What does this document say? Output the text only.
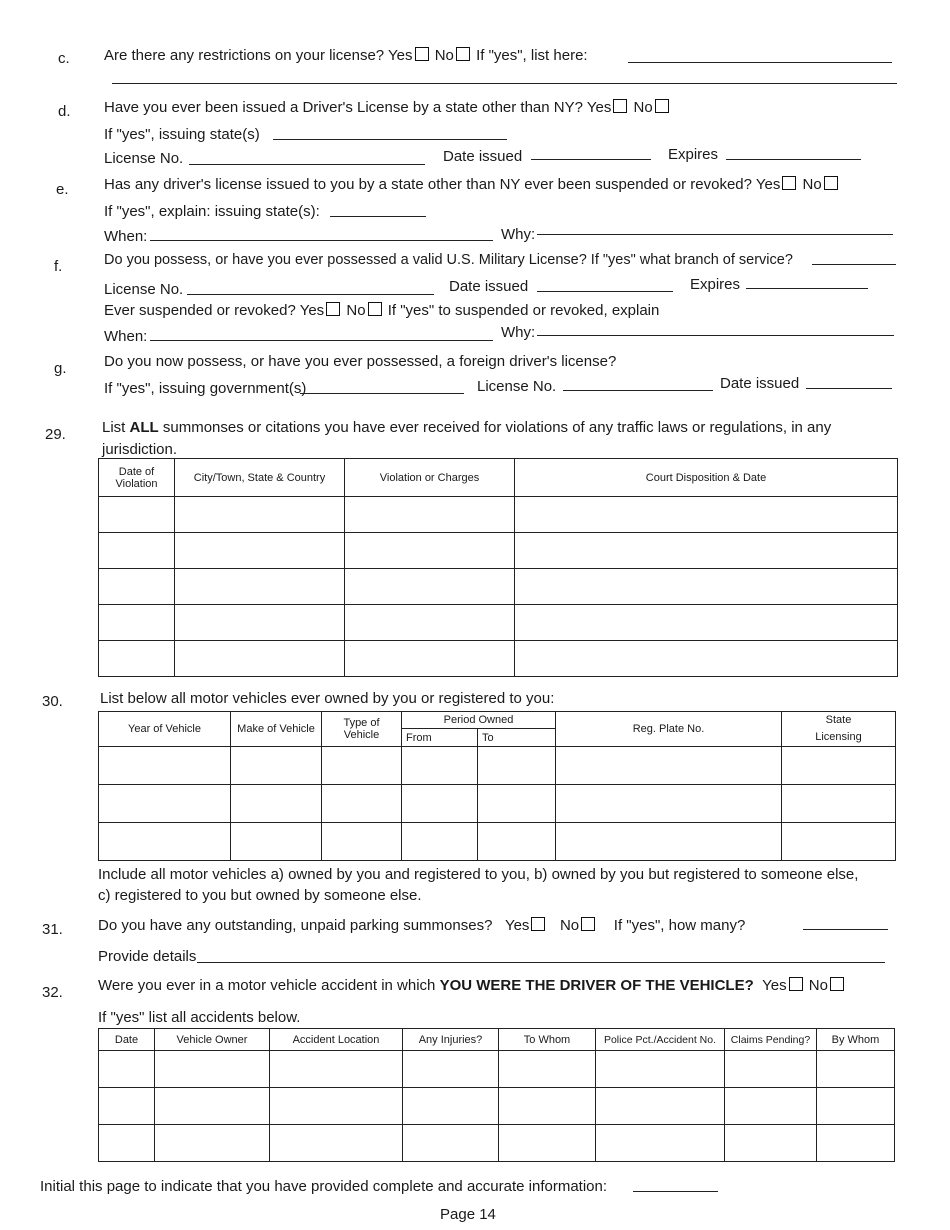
c. Are there any restrictions on your license? Yes No If "yes", list here:
d. Have you ever been issued a Driver's License by a state other than NY? Yes No
If "yes", issuing state(s)
License No.	Date issued	Expires
e. Has any driver's license issued to you by a state other than NY ever been suspended or revoked? Yes No
If "yes", explain: issuing state(s):
When:	Why:
f.	Do you possess, or have you ever possessed a valid U.S. Military License? If "yes" what branch of service?
License No.	Date issued	Expires
Ever suspended or revoked? Yes No If "yes" to suspended or revoked, explain
When:	Why:
g. Do you now possess, or have you ever possessed, a foreign driver's license?
If "yes", issuing government(s)	License No.	Date issued
29. List ALL summonses or citations you have ever received for violations of any traffic laws or regulations, in any
jurisdiction.
Date of Violation	City/Town, State & Country	Violation or Charges	Court Disposition & Date

30. List below all motor vehicles ever owned by you or registered to you:
Year of Vehicle	Make of Vehicle	Type of Vehicle	Period Owned		Reg. Plate No.	State
			From	To		Licensing

Include all motor vehicles a) owned by you and registered to you, b) owned by you but registered to someone else,
c) registered to you but owned by someone else.
31. Do you have any outstanding, unpaid parking summonses? Yes No If "yes", how many?
Provide details
32. Were you ever in a motor vehicle accident in which YOU WERE THE DRIVER OF THE VEHICLE? Yes No
If "yes" list all accidents below.
Date	Vehicle Owner	Accident Location	Any Injuries?	To Whom	Police Pct./Accident No.	Claims Pending?	By Whom

Initial this page to indicate that you have provided complete and accurate information:
Page 14
